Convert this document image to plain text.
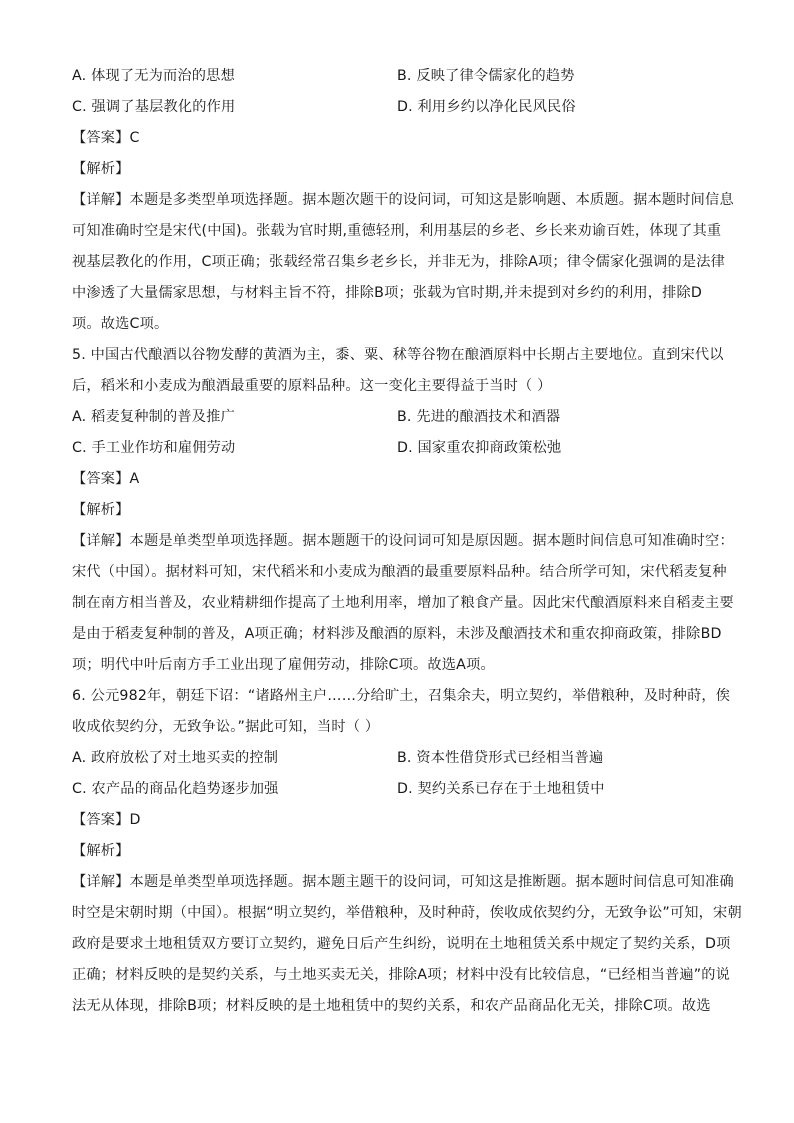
A. 体现了无为而治的思想	B. 反映了律令儒家化的趋势
C. 强调了基层教化的作用	D. 利用乡约以净化民风民俗
【答案】C
【解析】
【详解】本题是多类型单项选择题。据本题次题干的设问词，可知这是影响题、本质题。据本题时间信息
可知准确时空是宋代(中国)。张载为官时期,重德轻刑，利用基层的乡老、乡长来劝谕百姓，体现了其重
视基层教化的作用，C项正确；张载经常召集乡老乡长，并非无为，排除A项；律令儒家化强调的是法律
中渗透了大量儒家思想，与材料主旨不符，排除B项；张载为官时期,并未提到对乡约的利用，排除D
项。故选C项。
5. 中国古代酿酒以谷物发酵的黄酒为主，黍、粟、秫等谷物在酿酒原料中长期占主要地位。直到宋代以
后，稻米和小麦成为酿酒最重要的原料品种。这一变化主要得益于当时（ ）
A. 稻麦复种制的普及推广	B. 先进的酿酒技术和酒器
C. 手工业作坊和雇佣劳动	D. 国家重农抑商政策松弛
【答案】A
【解析】
【详解】本题是单类型单项选择题。据本题题干的设问词可知是原因题。据本题时间信息可知准确时空：
宋代（中国）。据材料可知，宋代稻米和小麦成为酿酒的最重要原料品种。结合所学可知，宋代稻麦复种
制在南方相当普及，农业精耕细作提高了土地利用率，增加了粮食产量。因此宋代酿酒原料来自稻麦主要
是由于稻麦复种制的普及，A项正确；材料涉及酿酒的原料，未涉及酿酒技术和重农抑商政策，排除BD
项；明代中叶后南方手工业出现了雇佣劳动，排除C项。故选A项。
6. 公元982年，朝廷下诏：“诸路州主户……分给旷土，召集余夫，明立契约，举借粮种，及时种莳，俟
收成依契约分，无致争讼。”据此可知，当时（ ）
A. 政府放松了对土地买卖的控制	B. 资本性借贷形式已经相当普遍
C. 农产品的商品化趋势逐步加强	D. 契约关系已存在于土地租赁中
【答案】D
【解析】
【详解】本题是单类型单项选择题。据本题主题干的设问词，可知这是推断题。据本题时间信息可知准确
时空是宋朝时期（中国）。根据“明立契约，举借粮种，及时种莳，俟收成依契约分，无致争讼”可知，宋朝
政府是要求土地租赁双方要订立契约，避免日后产生纠纷，说明在土地租赁关系中规定了契约关系，D项
正确；材料反映的是契约关系，与土地买卖无关，排除A项；材料中没有比较信息，“已经相当普遍”的说
法无从体现，排除B项；材料反映的是土地租赁中的契约关系，和农产品商品化无关，排除C项。故选
